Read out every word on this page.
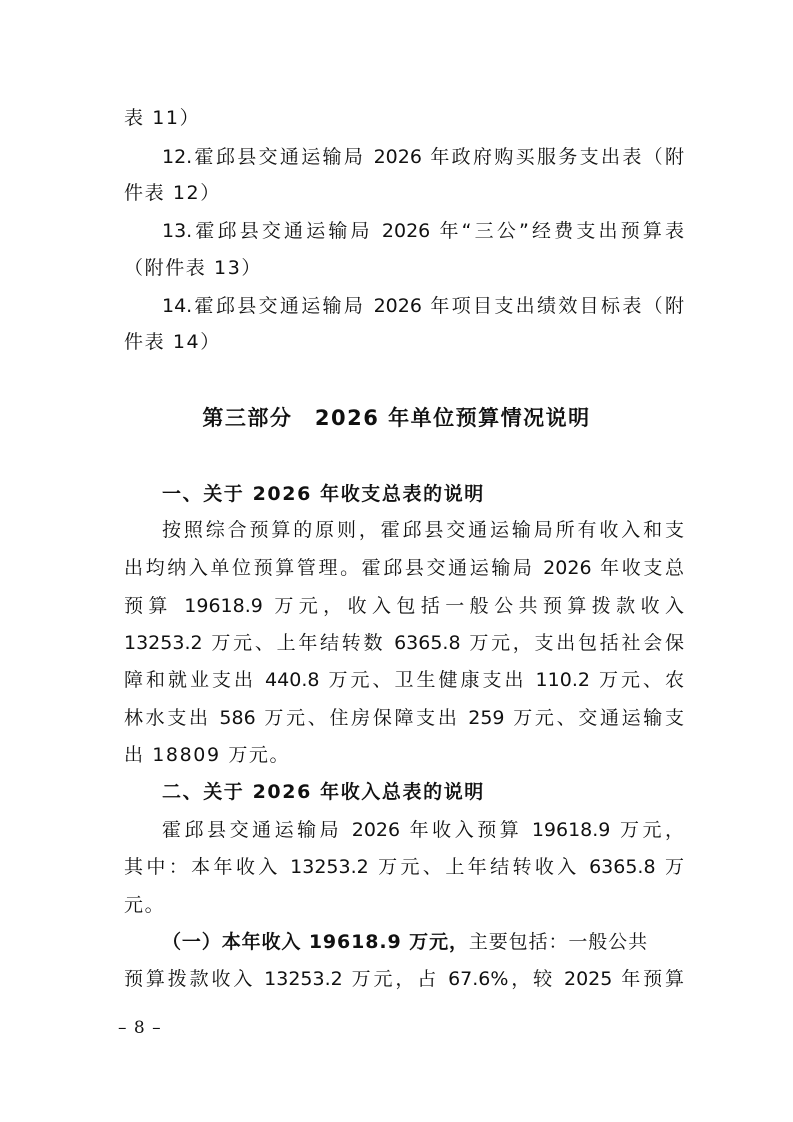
表 11）
12.霍邱县交通运输局 2026 年政府购买服务支出表（附
件表 12）
13.霍邱县交通运输局 2026 年“三公”经费支出预算表
（附件表 13）
14.霍邱县交通运输局 2026 年项目支出绩效目标表（附
件表 14）
第三部分　2026 年单位预算情况说明
一、关于 2026 年收支总表的说明
按照综合预算的原则，霍邱县交通运输局所有收入和支
出均纳入单位预算管理。霍邱县交通运输局 2026 年收支总
预算 19618.9 万元，收入包括一般公共预算拨款收入
13253.2 万元、上年结转数 6365.8 万元，支出包括社会保
障和就业支出 440.8 万元、卫生健康支出 110.2 万元、农
林水支出 586 万元、住房保障支出 259 万元、交通运输支
出 18809 万元。
二、关于 2026 年收入总表的说明
霍邱县交通运输局 2026 年收入预算 19618.9 万元，
其中：本年收入 13253.2 万元、上年结转收入 6365.8 万
元。
（一）本年收入 19618.9 万元，主要包括：一般公共
预算拨款收入 13253.2 万元，占 67.6%，较 2025 年预算
– 8 –
